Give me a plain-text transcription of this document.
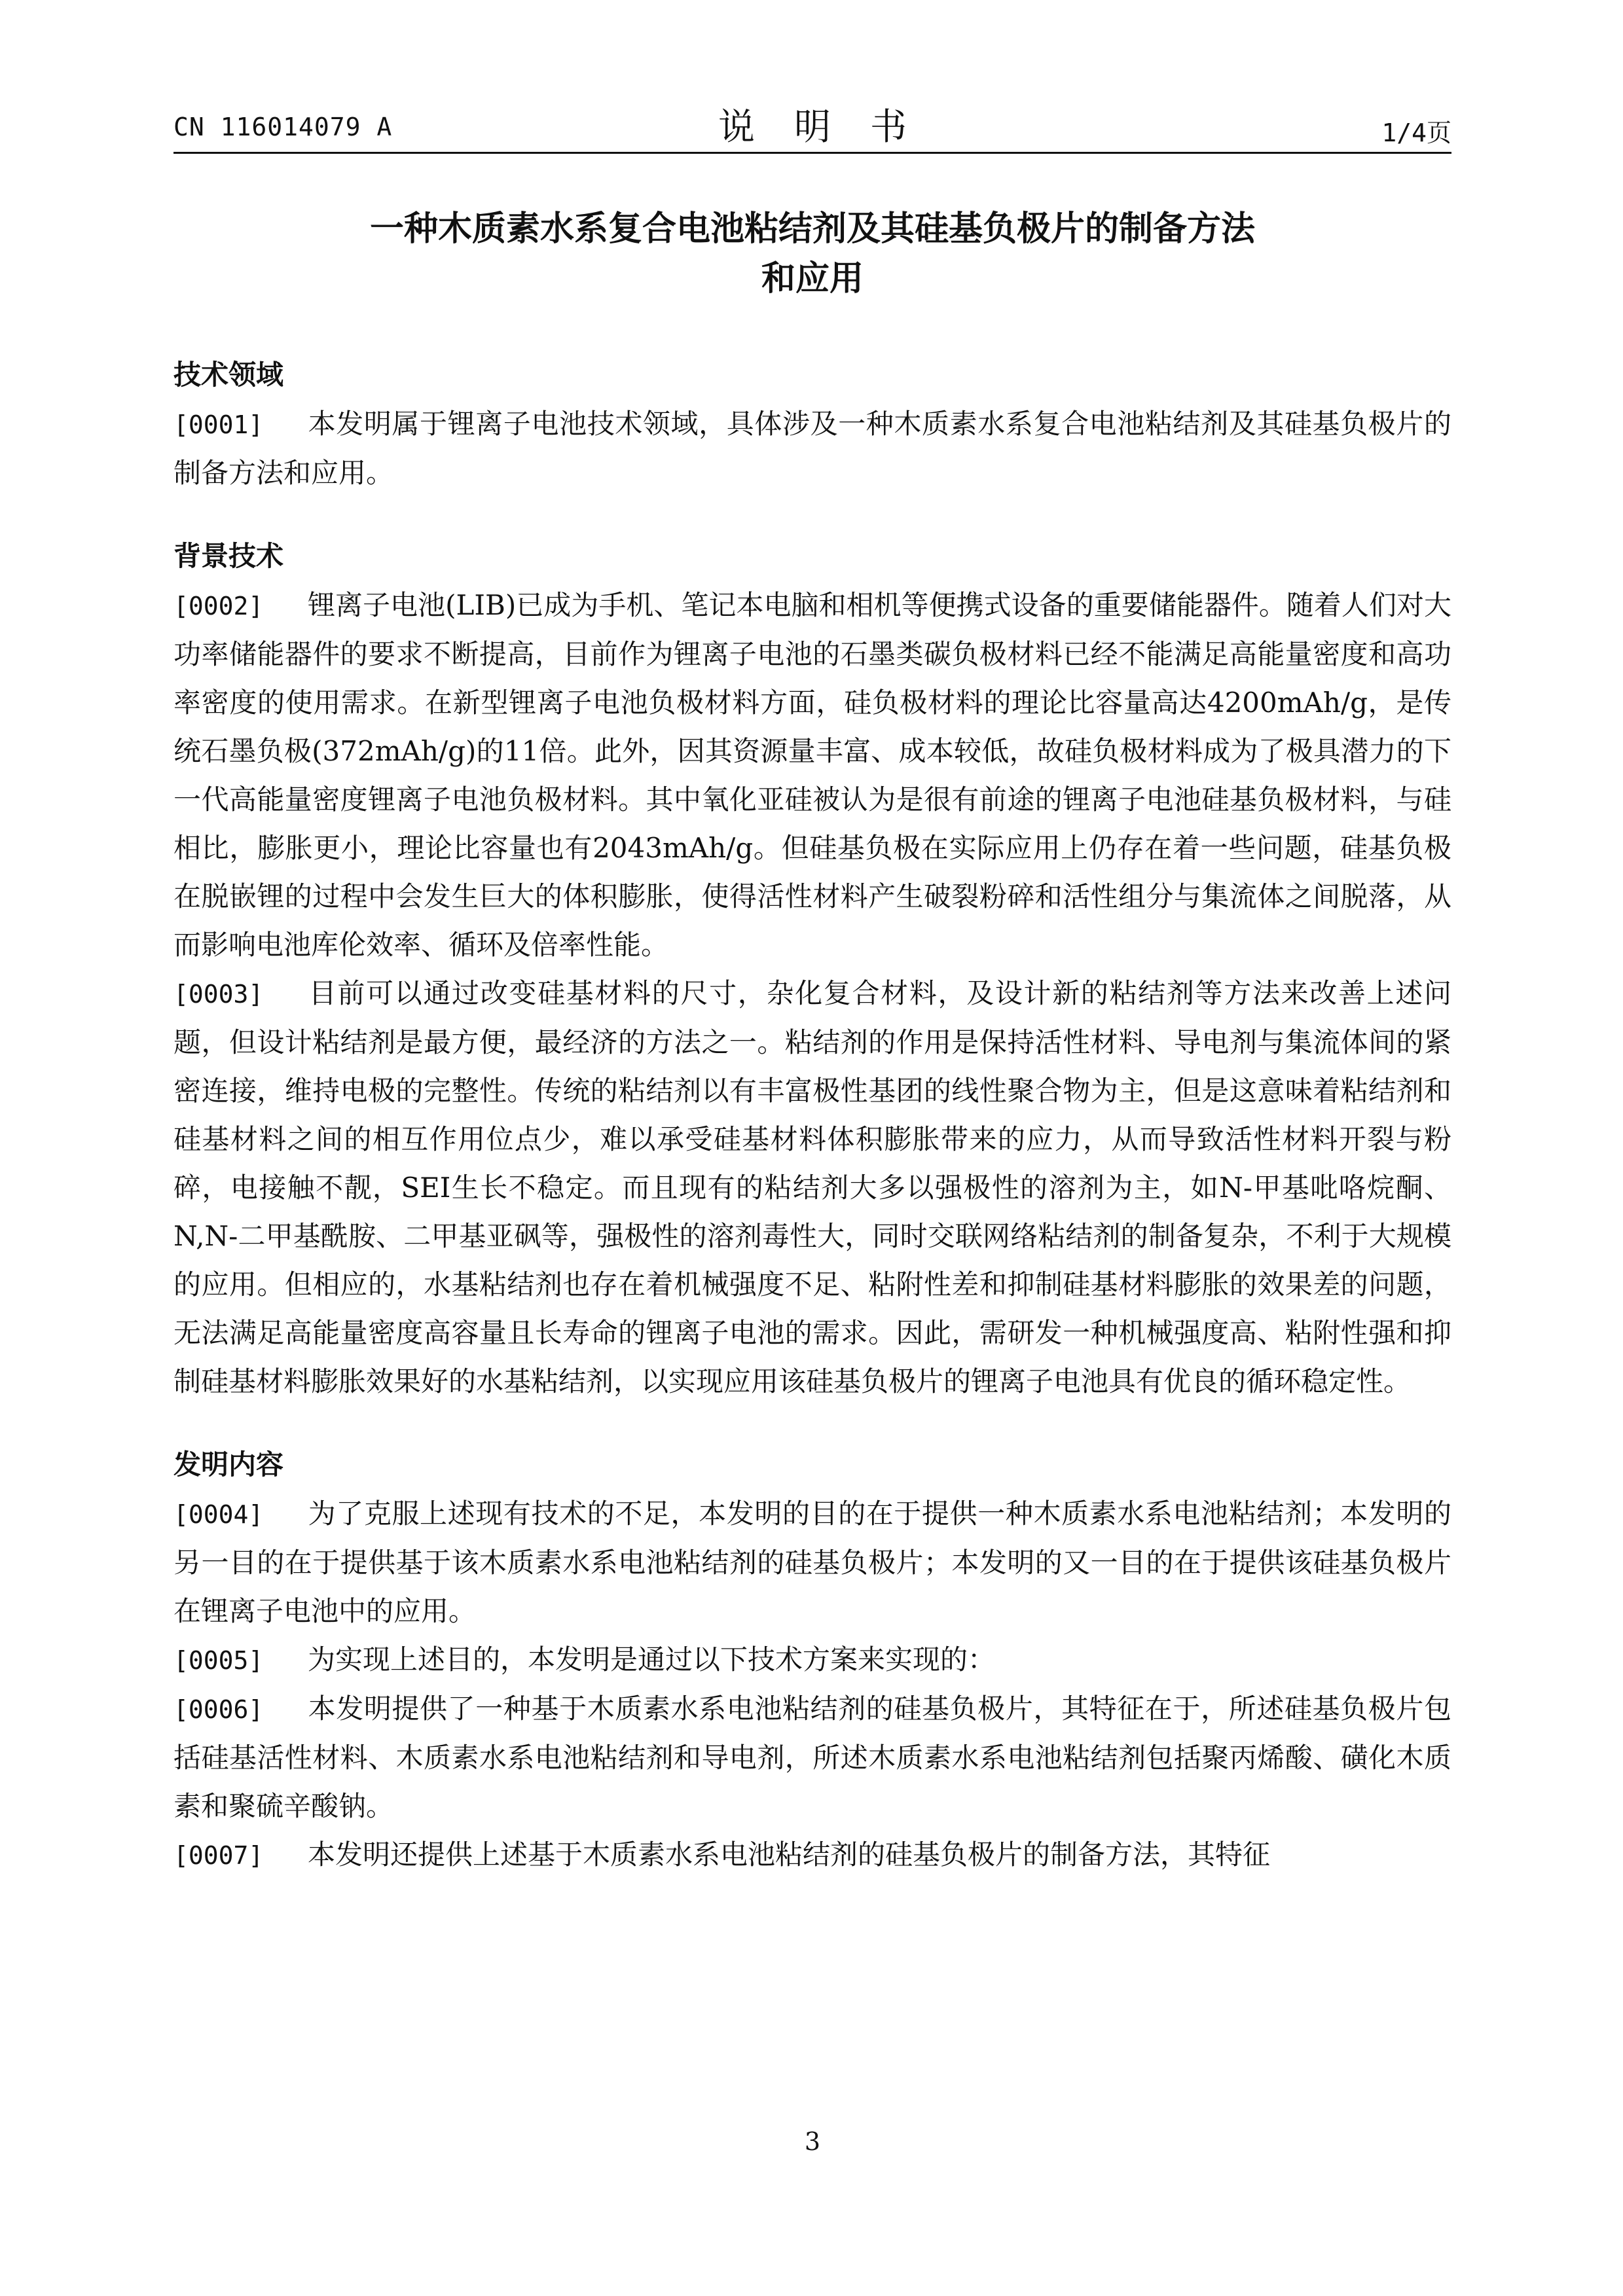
CN 116014079 A	说明书	1/4页
一种木质素水系复合电池粘结剂及其硅基负极片的制备方法
和应用
技术领域

[0001] 本发明属于锂离子电池技术领域，具体涉及一种木质素水系复合电池粘结剂及其硅基负极片的制备方法和应用。

背景技术

[0002] 锂离子电池(LIB)已成为手机、笔记本电脑和相机等便携式设备的重要储能器件。随着人们对大功率储能器件的要求不断提高，目前作为锂离子电池的石墨类碳负极材料已经不能满足高能量密度和高功率密度的使用需求。在新型锂离子电池负极材料方面，硅负极材料的理论比容量高达4200mAh/g，是传统石墨负极(372mAh/g)的11倍。此外，因其资源量丰富、成本较低，故硅负极材料成为了极具潜力的下一代高能量密度锂离子电池负极材料。其中氧化亚硅被认为是很有前途的锂离子电池硅基负极材料，与硅相比，膨胀更小，理论比容量也有2043mAh/g。但硅基负极在实际应用上仍存在着一些问题，硅基负极在脱嵌锂的过程中会发生巨大的体积膨胀，使得活性材料产生破裂粉碎和活性组分与集流体之间脱落，从而影响电池库伦效率、循环及倍率性能。

[0003] 目前可以通过改变硅基材料的尺寸，杂化复合材料，及设计新的粘结剂等方法来改善上述问题，但设计粘结剂是最方便，最经济的方法之一。粘结剂的作用是保持活性材料、导电剂与集流体间的紧密连接，维持电极的完整性。传统的粘结剂以有丰富极性基团的线性聚合物为主，但是这意味着粘结剂和硅基材料之间的相互作用位点少，难以承受硅基材料体积膨胀带来的应力，从而导致活性材料开裂与粉碎，电接触不靓，SEI生长不稳定。而且现有的粘结剂大多以强极性的溶剂为主，如N-甲基吡咯烷酮、N,N-二甲基酰胺、二甲基亚砜等，强极性的溶剂毒性大，同时交联网络粘结剂的制备复杂，不利于大规模的应用。但相应的，水基粘结剂也存在着机械强度不足、粘附性差和抑制硅基材料膨胀的效果差的问题，无法满足高能量密度高容量且长寿命的锂离子电池的需求。因此，需研发一种机械强度高、粘附性强和抑制硅基材料膨胀效果好的水基粘结剂，以实现应用该硅基负极片的锂离子电池具有优良的循环稳定性。

发明内容

[0004] 为了克服上述现有技术的不足，本发明的目的在于提供一种木质素水系电池粘结剂；本发明的另一目的在于提供基于该木质素水系电池粘结剂的硅基负极片；本发明的又一目的在于提供该硅基负极片在锂离子电池中的应用。

[0005] 为实现上述目的，本发明是通过以下技术方案来实现的：

[0006] 本发明提供了一种基于木质素水系电池粘结剂的硅基负极片，其特征在于，所述硅基负极片包括硅基活性材料、木质素水系电池粘结剂和导电剂，所述木质素水系电池粘结剂包括聚丙烯酸、磺化木质素和聚硫辛酸钠。

[0007] 本发明还提供上述基于木质素水系电池粘结剂的硅基负极片的制备方法，其特征

3
